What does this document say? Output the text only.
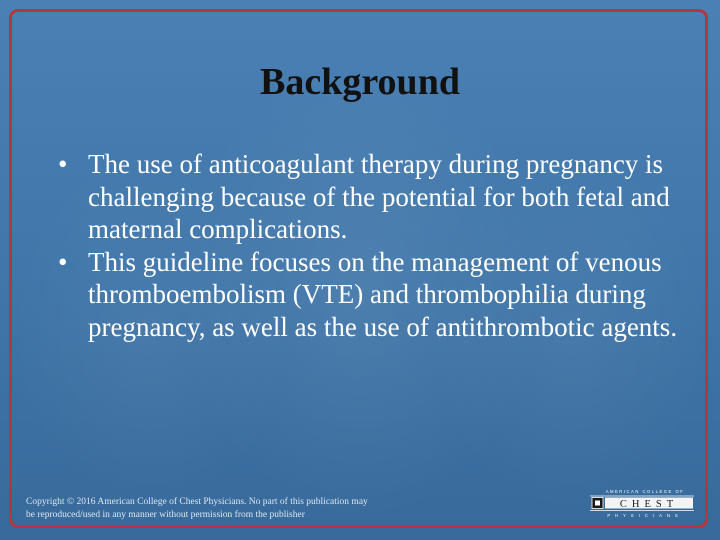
Background
• The use of anticoagulant therapy during pregnancy is challenging because of the potential for both fetal and maternal complications.
• This guideline focuses on the management of venous thromboembolism (VTE) and thrombophilia during pregnancy, as well as the use of antithrombotic agents.
Copyright © 2016 American College of Chest Physicians. No part of this publication may
be reproduced/used in any manner without permission from the publisher
AMERICAN COLLEGE OF
CHEST
PHYSICIANS
